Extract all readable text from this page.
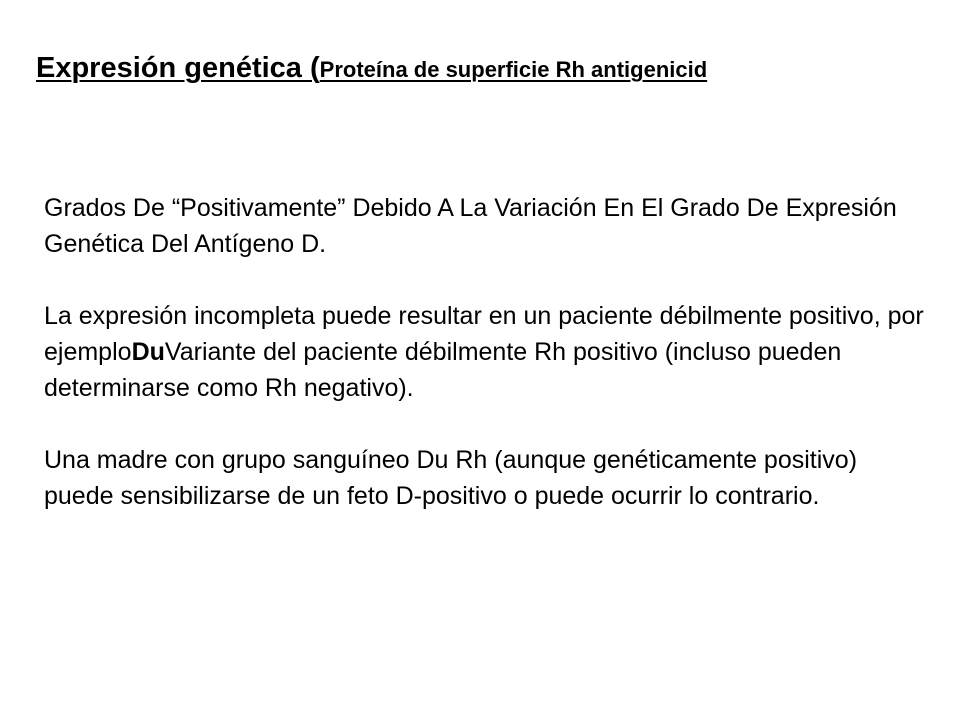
Expresión genética (Proteína de superficie Rh antigenicid

Grados De “Positivamente” Debido A La Variación En El Grado De Expresión Genética Del Antígeno D.

La expresión incompleta puede resultar en un paciente débilmente positivo, por ejemploDuVariante del paciente débilmente Rh positivo (incluso pueden determinarse como Rh negativo).

Una madre con grupo sanguíneo Du Rh (aunque genéticamente positivo) puede sensibilizarse de un feto D-positivo o puede ocurrir lo contrario.
